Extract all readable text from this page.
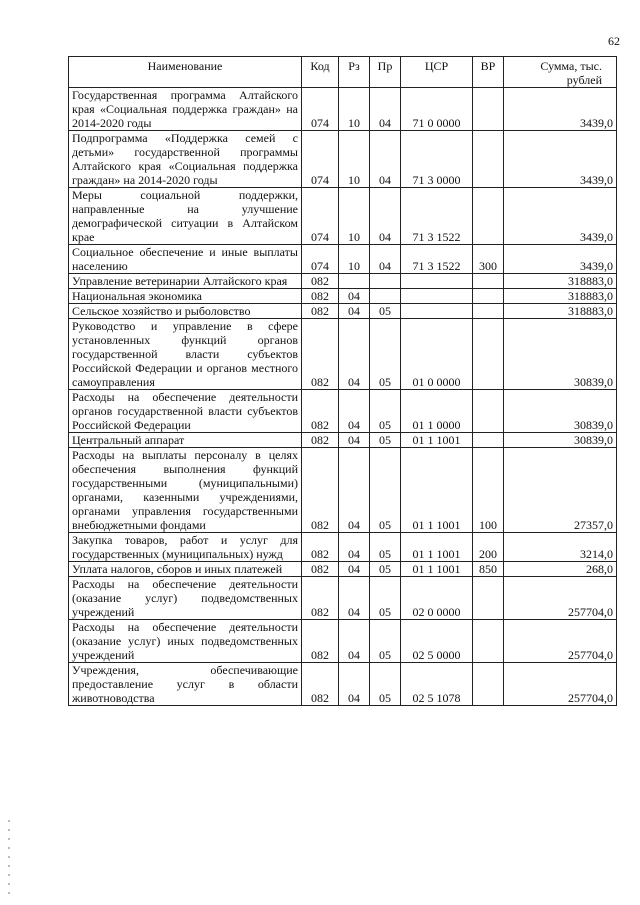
62
Наименование	Код	Рз	Пр	ЦСР	ВР	Сумма, тыс. рублей
Государственная программа Алтайского края «Социальная поддержка граждан» на 2014-2020 годы	074	10	04	71 0 0000		3439,0
Подпрограмма «Поддержка семей с детьми» государственной программы Алтайского края «Социальная поддержка граждан» на 2014-2020 годы	074	10	04	71 3 0000		3439,0
Меры социальной поддержки, направленные на улучшение демографической ситуации в Алтайском крае	074	10	04	71 3 1522		3439,0
Социальное обеспечение и иные выплаты населению	074	10	04	71 3 1522	300	3439,0
Управление ветеринарии Алтайского края	082					318883,0
Национальная экономика	082	04				318883,0
Сельское хозяйство и рыболовство	082	04	05			318883,0
Руководство и управление в сфере установленных функций органов государственной власти субъектов Российской Федерации и органов местного самоуправления	082	04	05	01 0 0000		30839,0
Расходы на обеспечение деятельности органов государственной власти субъектов Российской Федерации	082	04	05	01 1 0000		30839,0
Центральный аппарат	082	04	05	01 1 1001		30839,0
Расходы на выплаты персоналу в целях обеспечения выполнения функций государственными (муниципальными) органами, казенными учреждениями, органами управления государственными внебюджетными фондами	082	04	05	01 1 1001	100	27357,0
Закупка товаров, работ и услуг для государственных (муниципальных) нужд	082	04	05	01 1 1001	200	3214,0
Уплата налогов, сборов и иных платежей	082	04	05	01 1 1001	850	268,0
Расходы на обеспечение деятельности (оказание услуг) подведомственных учреждений	082	04	05	02 0 0000		257704,0
Расходы на обеспечение деятельности (оказание услуг) иных подведомственных учреждений	082	04	05	02 5 0000		257704,0
Учреждения, обеспечивающие предоставление услуг в области животноводства	082	04	05	02 5 1078		257704,0
